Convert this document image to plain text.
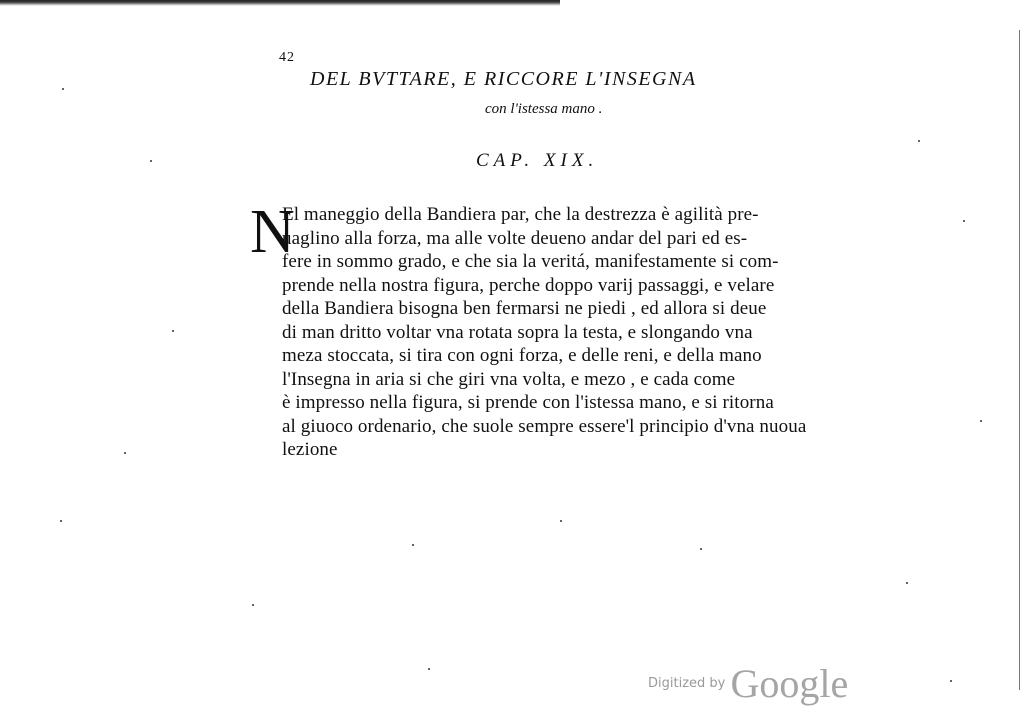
42
DEL BVTTARE, E RICCORE L'INSEGNA
con l'istessa mano .
CAP. XIX.
N
El maneggio della Bandiera par, che la destrezza è agilità pre-
uaglino alla forza, ma alle volte deueno andar del pari ed es-
fere in sommo grado, e che sia la veritá, manifestamente si com-
prende nella nostra figura, perche doppo varij passaggi, e velare
della Bandiera bisogna ben fermarsi ne piedi , ed allora si deue
di man dritto voltar vna rotata sopra la testa, e slongando vna
meza stoccata, si tira con ogni forza, e delle reni, e della mano
l'Insegna in aria si che giri vna volta, e mezo , e cada come
è impresso nella figura, si prende con l'istessa mano, e si ritorna
al giuoco ordenario, che suole sempre essere'l principio d'vna nuoua
lezione
Digitized by Google
